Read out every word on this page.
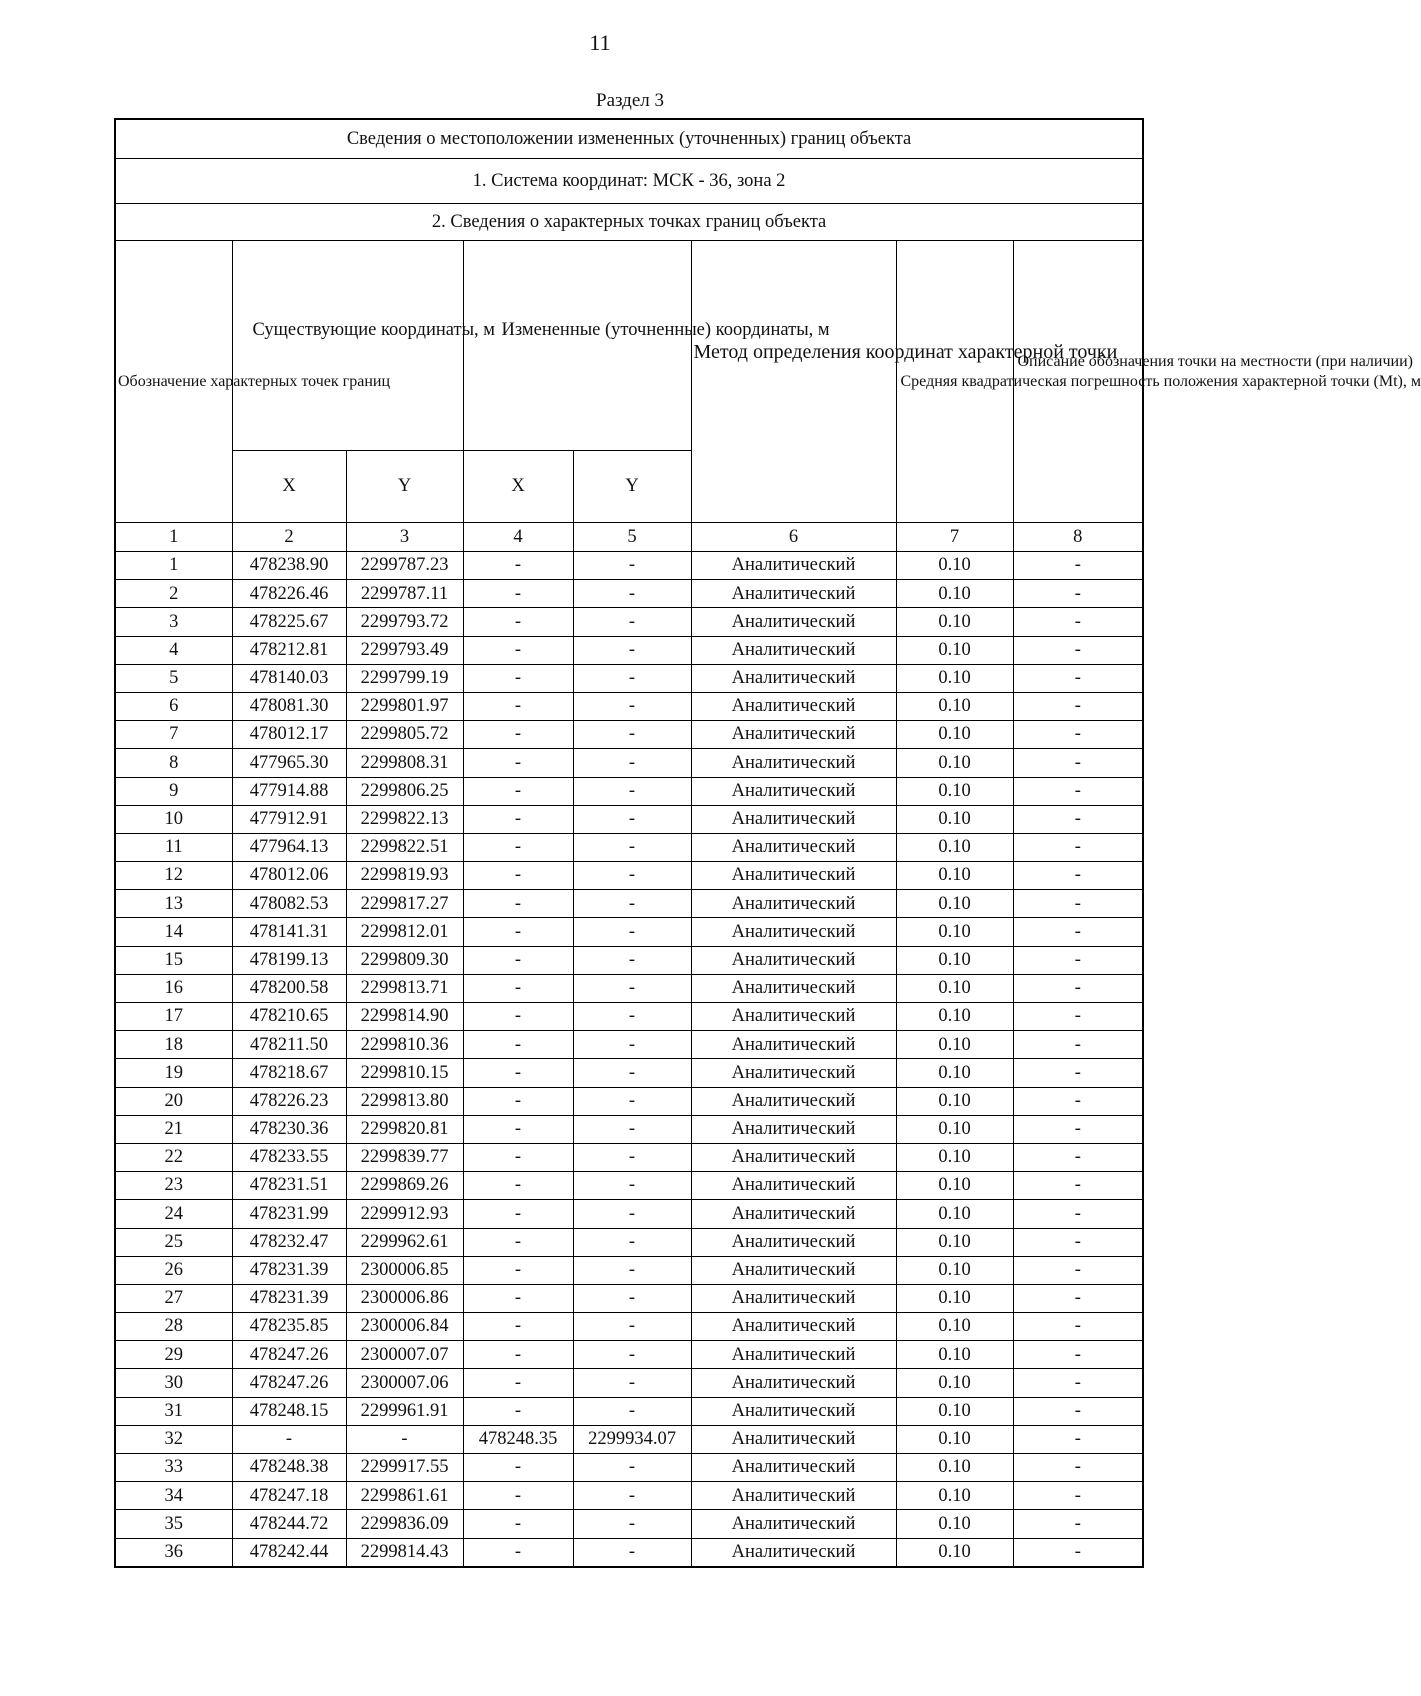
11
Раздел 3
Сведения о местоположении измененных (уточненных) границ объекта							
1. Система координат: МСК - 36, зона 2							
2. Сведения о характерных точках границ объекта							
Обозначение характерных точек границ	Существующие координаты, м		Измененные (уточненные) координаты, м		Метод определения координат характерной точки	Средняя квадратическая погрешность положения характерной точки (Mt), м	Описание обозначения точки на местности (при наличии)
	X	Y	X	Y			
1	2	3	4	5	6	7	8
1	478238.90	2299787.23	-	-	Аналитический	0.10	-
2	478226.46	2299787.11	-	-	Аналитический	0.10	-
3	478225.67	2299793.72	-	-	Аналитический	0.10	-
4	478212.81	2299793.49	-	-	Аналитический	0.10	-
5	478140.03	2299799.19	-	-	Аналитический	0.10	-
6	478081.30	2299801.97	-	-	Аналитический	0.10	-
7	478012.17	2299805.72	-	-	Аналитический	0.10	-
8	477965.30	2299808.31	-	-	Аналитический	0.10	-
9	477914.88	2299806.25	-	-	Аналитический	0.10	-
10	477912.91	2299822.13	-	-	Аналитический	0.10	-
11	477964.13	2299822.51	-	-	Аналитический	0.10	-
12	478012.06	2299819.93	-	-	Аналитический	0.10	-
13	478082.53	2299817.27	-	-	Аналитический	0.10	-
14	478141.31	2299812.01	-	-	Аналитический	0.10	-
15	478199.13	2299809.30	-	-	Аналитический	0.10	-
16	478200.58	2299813.71	-	-	Аналитический	0.10	-
17	478210.65	2299814.90	-	-	Аналитический	0.10	-
18	478211.50	2299810.36	-	-	Аналитический	0.10	-
19	478218.67	2299810.15	-	-	Аналитический	0.10	-
20	478226.23	2299813.80	-	-	Аналитический	0.10	-
21	478230.36	2299820.81	-	-	Аналитический	0.10	-
22	478233.55	2299839.77	-	-	Аналитический	0.10	-
23	478231.51	2299869.26	-	-	Аналитический	0.10	-
24	478231.99	2299912.93	-	-	Аналитический	0.10	-
25	478232.47	2299962.61	-	-	Аналитический	0.10	-
26	478231.39	2300006.85	-	-	Аналитический	0.10	-
27	478231.39	2300006.86	-	-	Аналитический	0.10	-
28	478235.85	2300006.84	-	-	Аналитический	0.10	-
29	478247.26	2300007.07	-	-	Аналитический	0.10	-
30	478247.26	2300007.06	-	-	Аналитический	0.10	-
31	478248.15	2299961.91	-	-	Аналитический	0.10	-
32	-	-	478248.35	2299934.07	Аналитический	0.10	-
33	478248.38	2299917.55	-	-	Аналитический	0.10	-
34	478247.18	2299861.61	-	-	Аналитический	0.10	-
35	478244.72	2299836.09	-	-	Аналитический	0.10	-
36	478242.44	2299814.43	-	-	Аналитический	0.10	-
